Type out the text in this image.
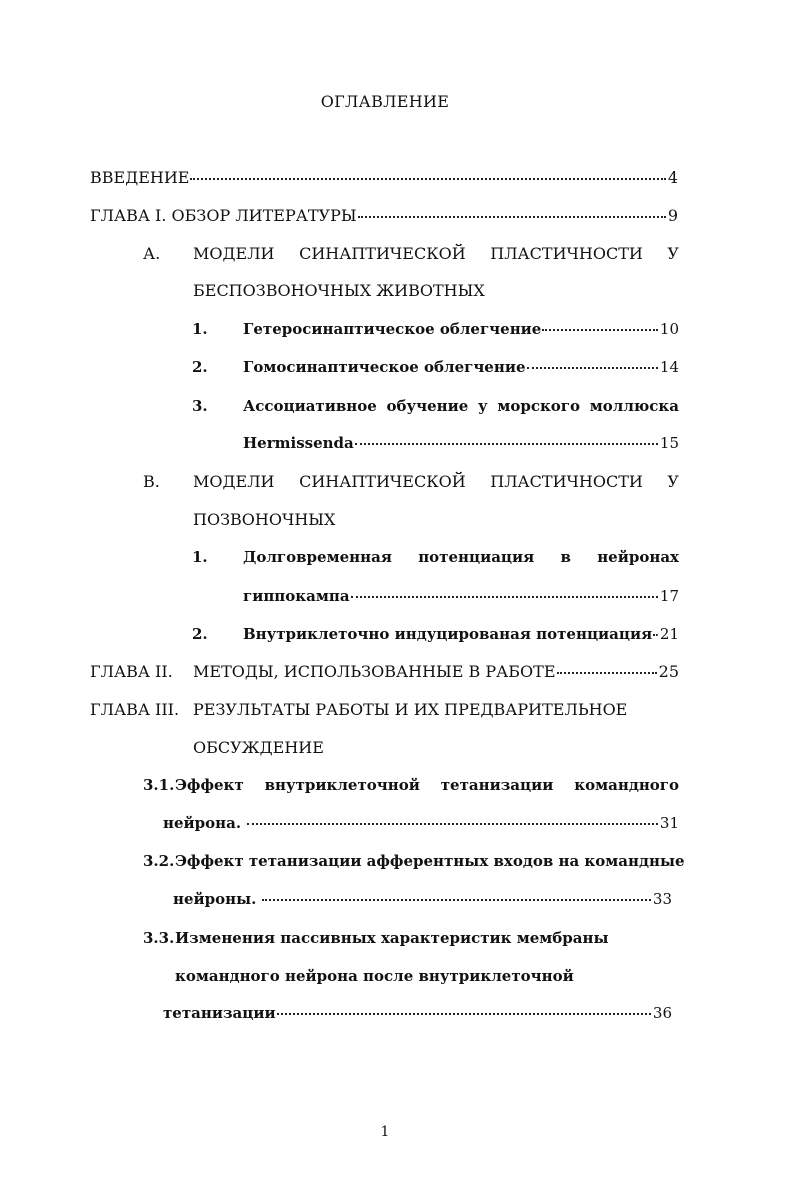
ОГЛАВЛЕНИЕ
ВВЕДЕНИЕ	4
ГЛАВА I. ОБЗОР ЛИТЕРАТУРЫ	9
А.	МОДЕЛИ СИНАПТИЧЕСКОЙ ПЛАСТИЧНОСТИ У
БЕСПОЗВОНОЧНЫХ ЖИВОТНЫХ
1.	Гетеросинаптическое облегчение	10
2.	Гомосинаптическое облегчение	14
3.	Ассоциативное обучение у морского моллюска
Hermissenda	15
В.	МОДЕЛИ СИНАПТИЧЕСКОЙ ПЛАСТИЧНОСТИ У
ПОЗВОНОЧНЫХ
1.	Долговременная потенциация в нейронах
гиппокампа	17
2.	Внутриклеточно индуцированая потенциация 21
ГЛАВА II.	МЕТОДЫ, ИСПОЛЬЗОВАННЫЕ В РАБОТЕ	25
ГЛАВА III. РЕЗУЛЬТАТЫ РАБОТЫ И ИХ ПРЕДВАРИТЕЛЬНОЕ
ОБСУЖДЕНИЕ
3.1. Эффект внутриклеточной тетанизации командного
нейрона.	31
3.2. Эффект тетанизации афферентных входов на командные
нейроны.	33
3.3. Изменения пассивных характеристик мембраны
командного нейрона после внутриклеточной
тетанизации	36
1
